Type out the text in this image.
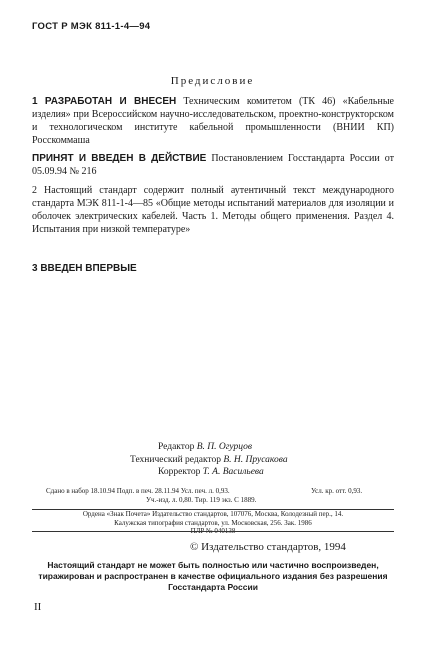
ГОСТ Р МЭК 811-1-4—94
Предисловие
1 РАЗРАБОТАН И ВНЕСЕН Техническим комитетом (ТК 46) «Кабельные изделия» при Всероссийском научно-исследовательском, проектно-конструкторском и технологическом институте кабельной промышленности (ВНИИ КП) Росскоммаша
ПРИНЯТ И ВВЕДЕН В ДЕЙСТВИЕ Постановлением Госстандарта России от 05.09.94 № 216
2 Настоящий стандарт содержит полный аутентичный текст международного стандарта МЭК 811-1-4—85 «Общие методы испытаний материалов для изоляции и оболочек электрических кабелей. Часть 1. Методы общего применения. Раздел 4. Испытания при низкой температуре»
3 ВВЕДЕН ВПЕРВЫЕ
Редактор В. П. Огурцов
Технический редактор В. Н. Прусакова
Корректор Т. А. Васильева
Сдано в набор 18.10.94 Подп. в печ. 28.11.94 Усл. печ. л. 0,93.	Усл. кр. отт. 0,93.
Уч.-изд. л. 0,80. Тир. 119 экз. С 1889.
Ордена «Знак Почета» Издательство стандартов, 107076, Москва, Колодезный пер., 14.
Калужская типография стандартов, ул. Московская, 256. Зак. 1986
ПЛР № 040138
© Издательство стандартов, 1994
Настоящий стандарт не может быть полностью или частично воспроизведен, тиражирован и распространен в качестве официального издания без разрешения Госстандарта России
II
